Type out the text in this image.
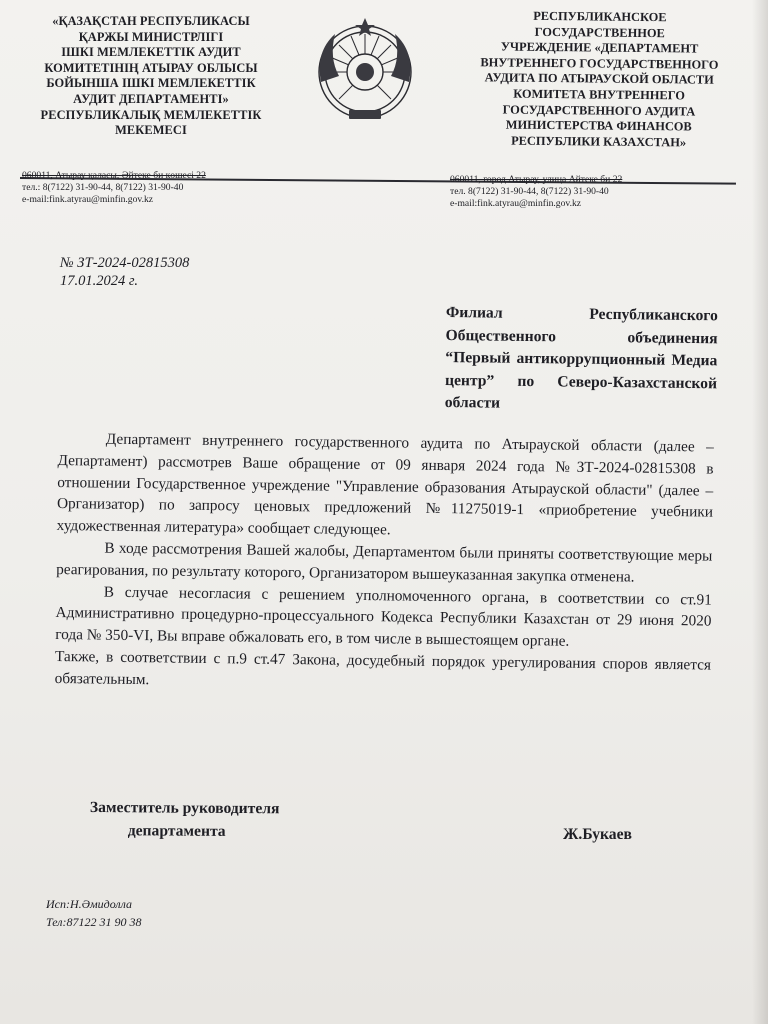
«ҚАЗАҚСТАН РЕСПУБЛИКАСЫ
ҚАРЖЫ МИНИСТРЛІГІ
ІШКІ МЕМЛЕКЕТТІК АУДИТ
КОМИТЕТІНІҢ АТЫРАУ ОБЛЫСЫ
БОЙЫНША ІШКІ МЕМЛЕКЕТТІК
АУДИТ ДЕПАРТАМЕНТІ»
РЕСПУБЛИКАЛЫҚ МЕМЛЕКЕТТІК
МЕКЕМЕСІ
РЕСПУБЛИКАНСКОЕ
ГОСУДАРСТВЕННОЕ
УЧРЕЖДЕНИЕ «ДЕПАРТАМЕНТ
ВНУТРЕННЕГО ГОСУДАРСТВЕННОГО
АУДИТА ПО АТЫРАУСКОЙ ОБЛАСТИ
КОМИТЕТА ВНУТРЕННЕГО
ГОСУДАРСТВЕННОГО АУДИТА
МИНИСТЕРСТВА ФИНАНСОВ
РЕСПУБЛИКИ КАЗАХСТАН»
060011, Атырау қаласы, Әйтеке би көшесі 22
тел.: 8(7122) 31-90-44, 8(7122) 31-90-40
e-mail:fink.atyrau@minfin.gov.kz
060011, город Атырау, улица Айтеке би 22
тел. 8(7122) 31-90-44, 8(7122) 31-90-40
e-mail:fink.atyrau@minfin.gov.kz
№ ЗТ-2024-02815308
17.01.2024 г.
Филиал Республиканского Общественного объединения “Первый антикоррупционный Медиа центр” по Северо-Казахстанской области

Департамент внутреннего государственного аудита по Атырауской области (далее – Департамент) рассмотрев Ваше обращение от 09 января 2024 года №ЗТ-2024-02815308 в отношении Государственное учреждение "Управление образования Атырауской области" (далее – Организатор) по запросу ценовых предложений №11275019-1 «приобретение учебники художественная литература» сообщает следующее.

В ходе рассмотрения Вашей жалобы, Департаментом были приняты соответствующие меры реагирования, по результату которого, Организатором вышеуказанная закупка отменена.

В случае несогласия с решением уполномоченного органа, в соответствии со ст.91 Административно процедурно-процессуального Кодекса Республики Казахстан от 29 июня 2020 года № 350-VI, Вы вправе обжаловать его, в том числе в вышестоящем органе.

Также, в соответствии с п.9 ст.47 Закона, досудебный порядок урегулирования споров является обязательным.

Заместитель руководителя
департамента	Ж.Букаев
Исп:Н.Әмидолла
Тел:87122 31 90 38
